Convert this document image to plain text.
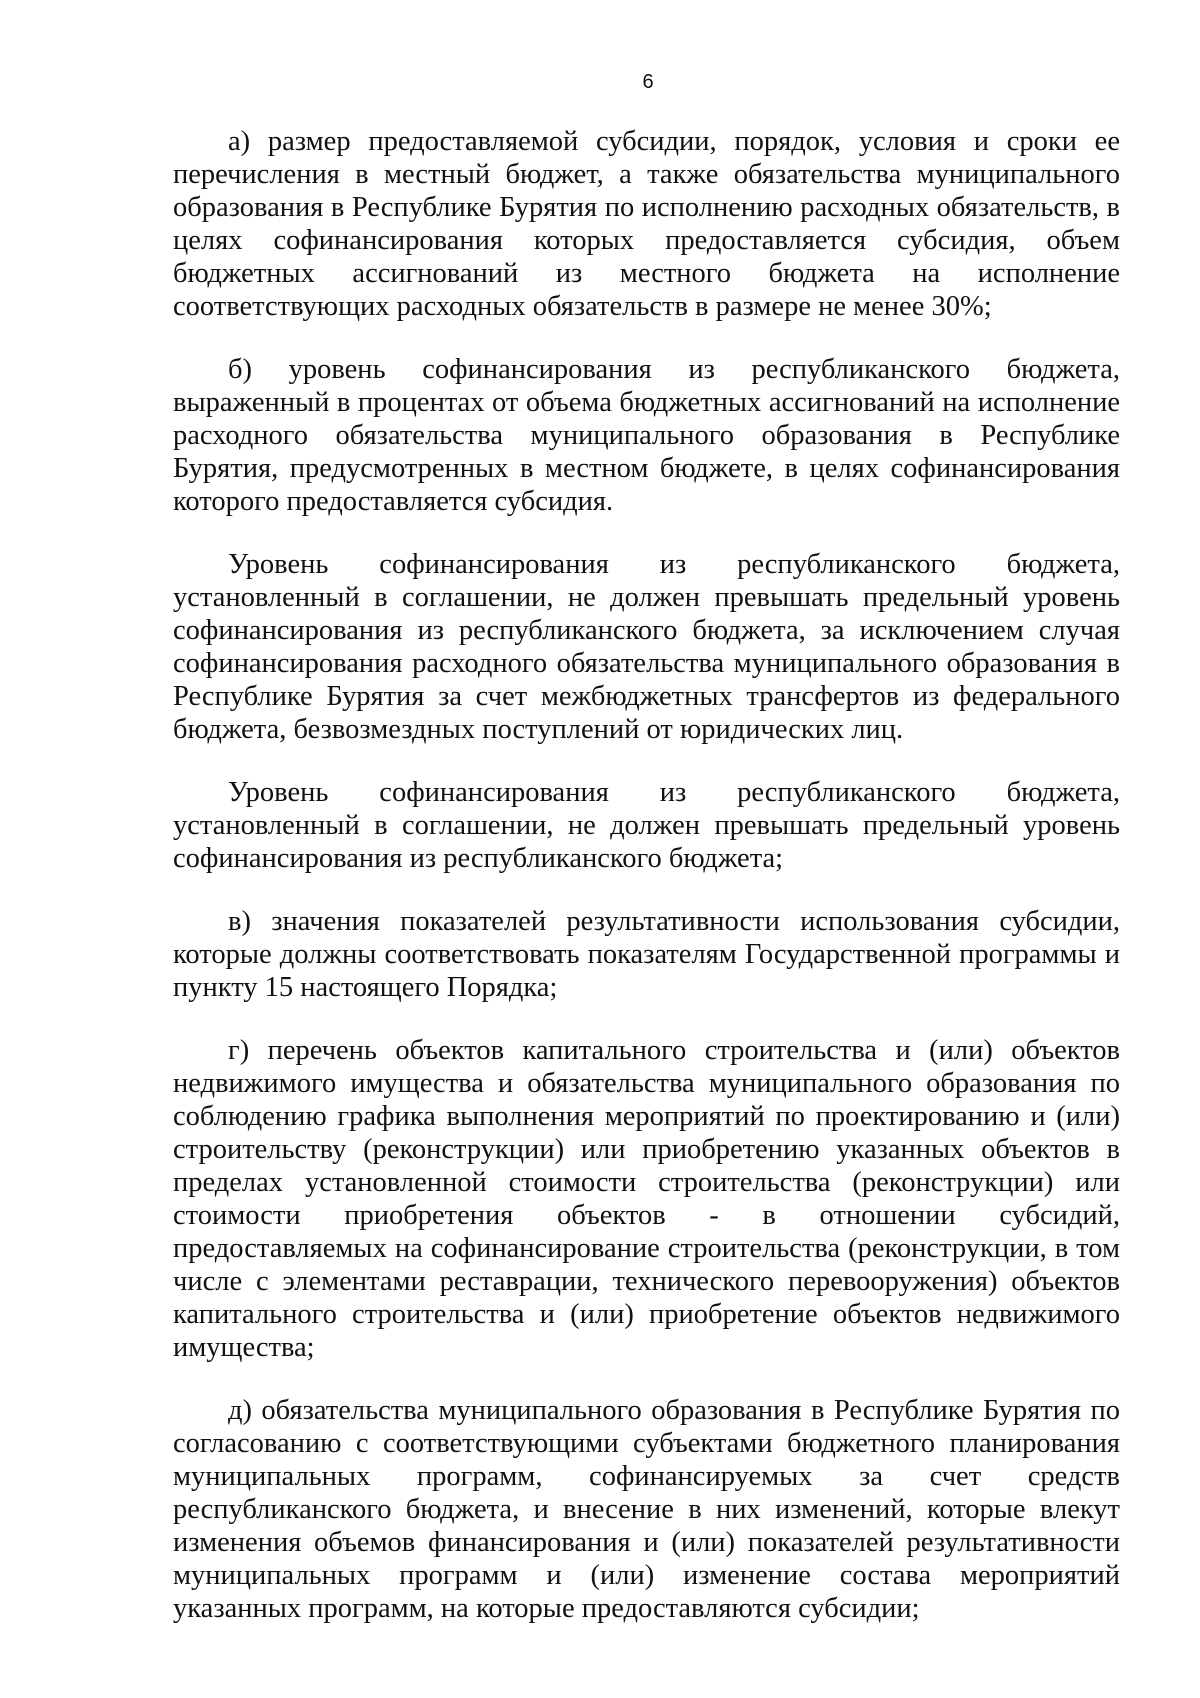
6

а) размер предоставляемой субсидии, порядок, условия и сроки ее перечисления в местный бюджет, а также обязательства муниципального образования в Республике Бурятия по исполнению расходных обязательств, в целях софинансирования которых предоставляется субсидия, объем бюджетных ассигнований из местного бюджета на исполнение соответствующих расходных обязательств в размере не менее 30%;

б) уровень софинансирования из республиканского бюджета, выраженный в процентах от объема бюджетных ассигнований на исполнение расходного обязательства муниципального образования в Республике Бурятия, предусмотренных в местном бюджете, в целях софинансирования которого предоставляется субсидия.

Уровень софинансирования из республиканского бюджета, установленный в соглашении, не должен превышать предельный уровень софинансирования из республиканского бюджета, за исключением случая софинансирования расходного обязательства муниципального образования в Республике Бурятия за счет межбюджетных трансфертов из федерального бюджета, безвозмездных поступлений от юридических лиц.

Уровень софинансирования из республиканского бюджета, установленный в соглашении, не должен превышать предельный уровень софинансирования из республиканского бюджета;

в) значения показателей результативности использования субсидии, которые должны соответствовать показателям Государственной программы и пункту 15 настоящего Порядка;

г) перечень объектов капитального строительства и (или) объектов недвижимого имущества и обязательства муниципального образования по соблюдению графика выполнения мероприятий по проектированию и (или) строительству (реконструкции) или приобретению указанных объектов в пределах установленной стоимости строительства (реконструкции) или стоимости приобретения объектов - в отношении субсидий, предоставляемых на софинансирование строительства (реконструкции, в том числе с элементами реставрации, технического перевооружения) объектов капитального строительства и (или) приобретение объектов недвижимого имущества;

д) обязательства муниципального образования в Республике Бурятия по согласованию с соответствующими субъектами бюджетного планирования муниципальных программ, софинансируемых за счет средств республиканского бюджета, и внесение в них изменений, которые влекут изменения объемов финансирования и (или) показателей результативности муниципальных программ и (или) изменение состава мероприятий указанных программ, на которые предоставляются субсидии;
